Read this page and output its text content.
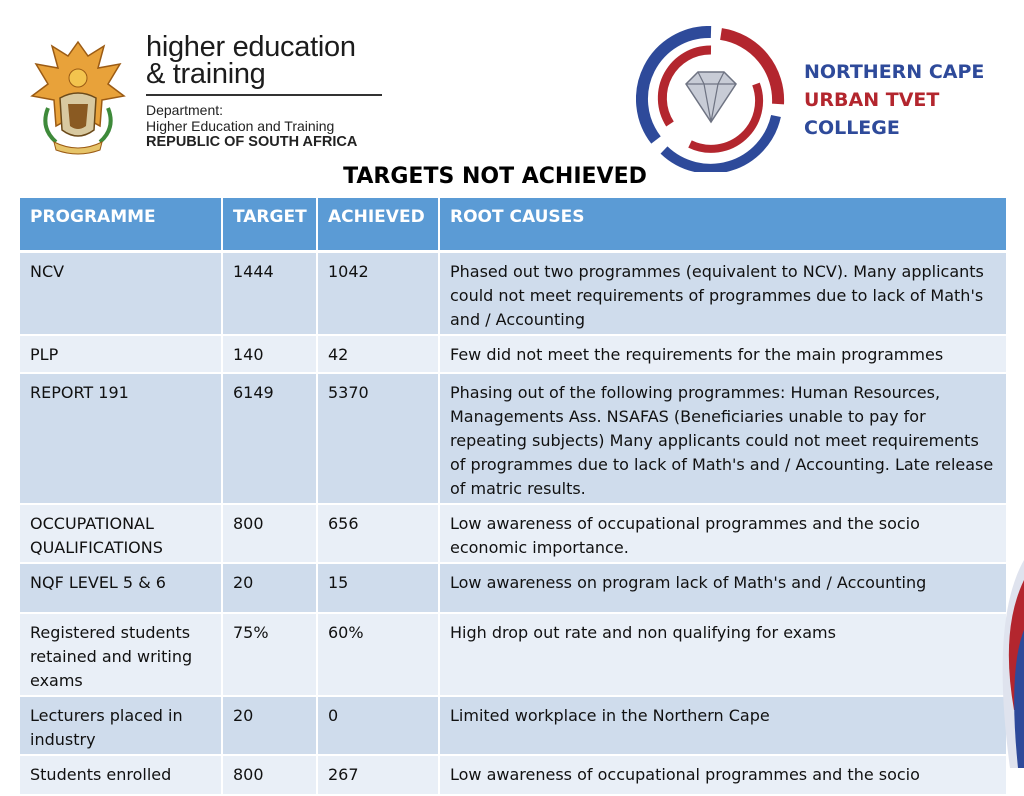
higher education
& training
Department:
Higher Education and Training
REPUBLIC OF SOUTH AFRICA
NORTHERN CAPE
URBAN TVET
COLLEGE
TARGETS NOT ACHIEVED
PROGRAMME	TARGET	ACHIEVED	ROOT CAUSES
NCV	1444	1042	Phased out two programmes (equivalent to NCV). Many applicants could not meet requirements of programmes due to lack of Math's and / Accounting
PLP	140	42	Few did not meet the requirements for the main programmes
REPORT 191	6149	5370	Phasing out of the following programmes: Human Resources, Managements Ass. NSAFAS (Beneficiaries unable to pay for repeating subjects) Many applicants could not meet requirements of programmes due to lack of Math's and / Accounting. Late release of matric results.
OCCUPATIONAL QUALIFICATIONS	800	656	Low awareness of occupational programmes and the socio economic importance.
NQF LEVEL 5 & 6	20	15	Low awareness on program lack of Math's and / Accounting
Registered students retained and writing exams	75%	60%	High drop out rate and non qualifying for exams
Lecturers placed in industry	20	0	Limited workplace in the Northern Cape
Students enrolled	800	267	Low awareness of occupational programmes and the socio
